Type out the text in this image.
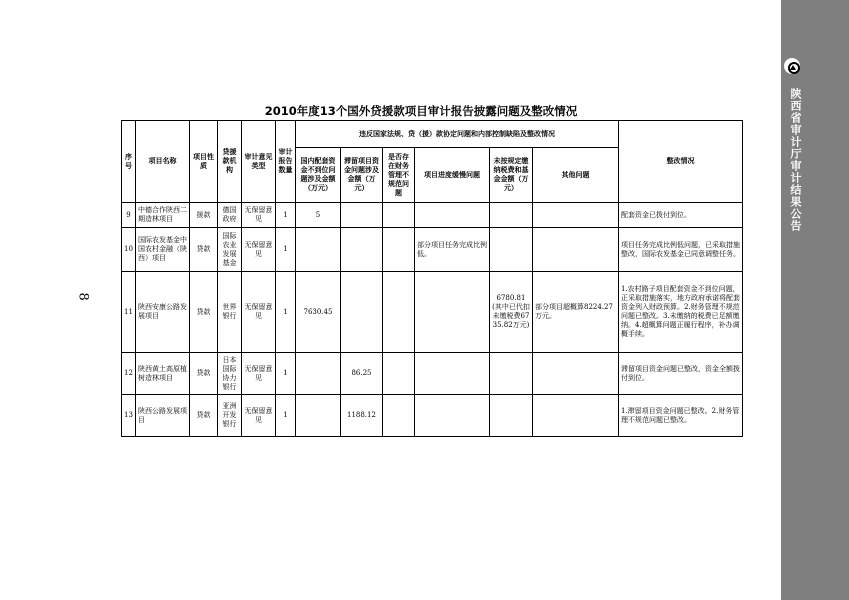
8
陕西省审计厅审计结果公告
2010年度13个国外贷援款项目审计报告披露问题及整改情况
序号	项目名称	项目性质	贷援款机构	审计意见类型	审计报告数量	违反国家法规、贷（援）款协定问题和内部控制缺陷及整改情况						整改情况
						国内配套资金不到位问题涉及金额（万元）	滞留项目资金问题涉及金额（万元）	是否存在财务管理不规范问题	项目进度缓慢问题	未按规定缴纳税费和基金金额（万元）	其他问题	
9	中德合作陕西二期造林项目	援款	德国政府	无保留意见	1	5						配套资金已拨付到位。
10	国际农发基金中国农村金融（陕西）项目	贷款	国际农业发展基金	无保留意见	1				部分项目任务完成比例低。			项目任务完成比例低问题，已采取措施整改，国际农发基金已同意调整任务。
11	陕西安康公路发展项目	贷款	世界银行	无保留意见	1	7630.45				6780.81(其中已代扣未缴税费6735.82万元)	部分项目超概算8224.27万元。	1.农村路子项目配套资金不到位问题，正采取措施落实，地方政府承诺将配套资金列入财政预算。2.财务管理不规范问题已整改。3.未缴纳的税费已足额缴纳。4.超概算问题正履行程序，补办调概手续。
12	陕西黄土高原植树造林项目	贷款	日本国际协力银行	无保留意见	1		86.25					滞留项目资金问题已整改，资金全额拨付到位。
13	陕西公路发展项目	贷款	亚洲开发银行	无保留意见	1		1188.12					1.滞留项目资金问题已整改。2.财务管理不规范问题已整改。
